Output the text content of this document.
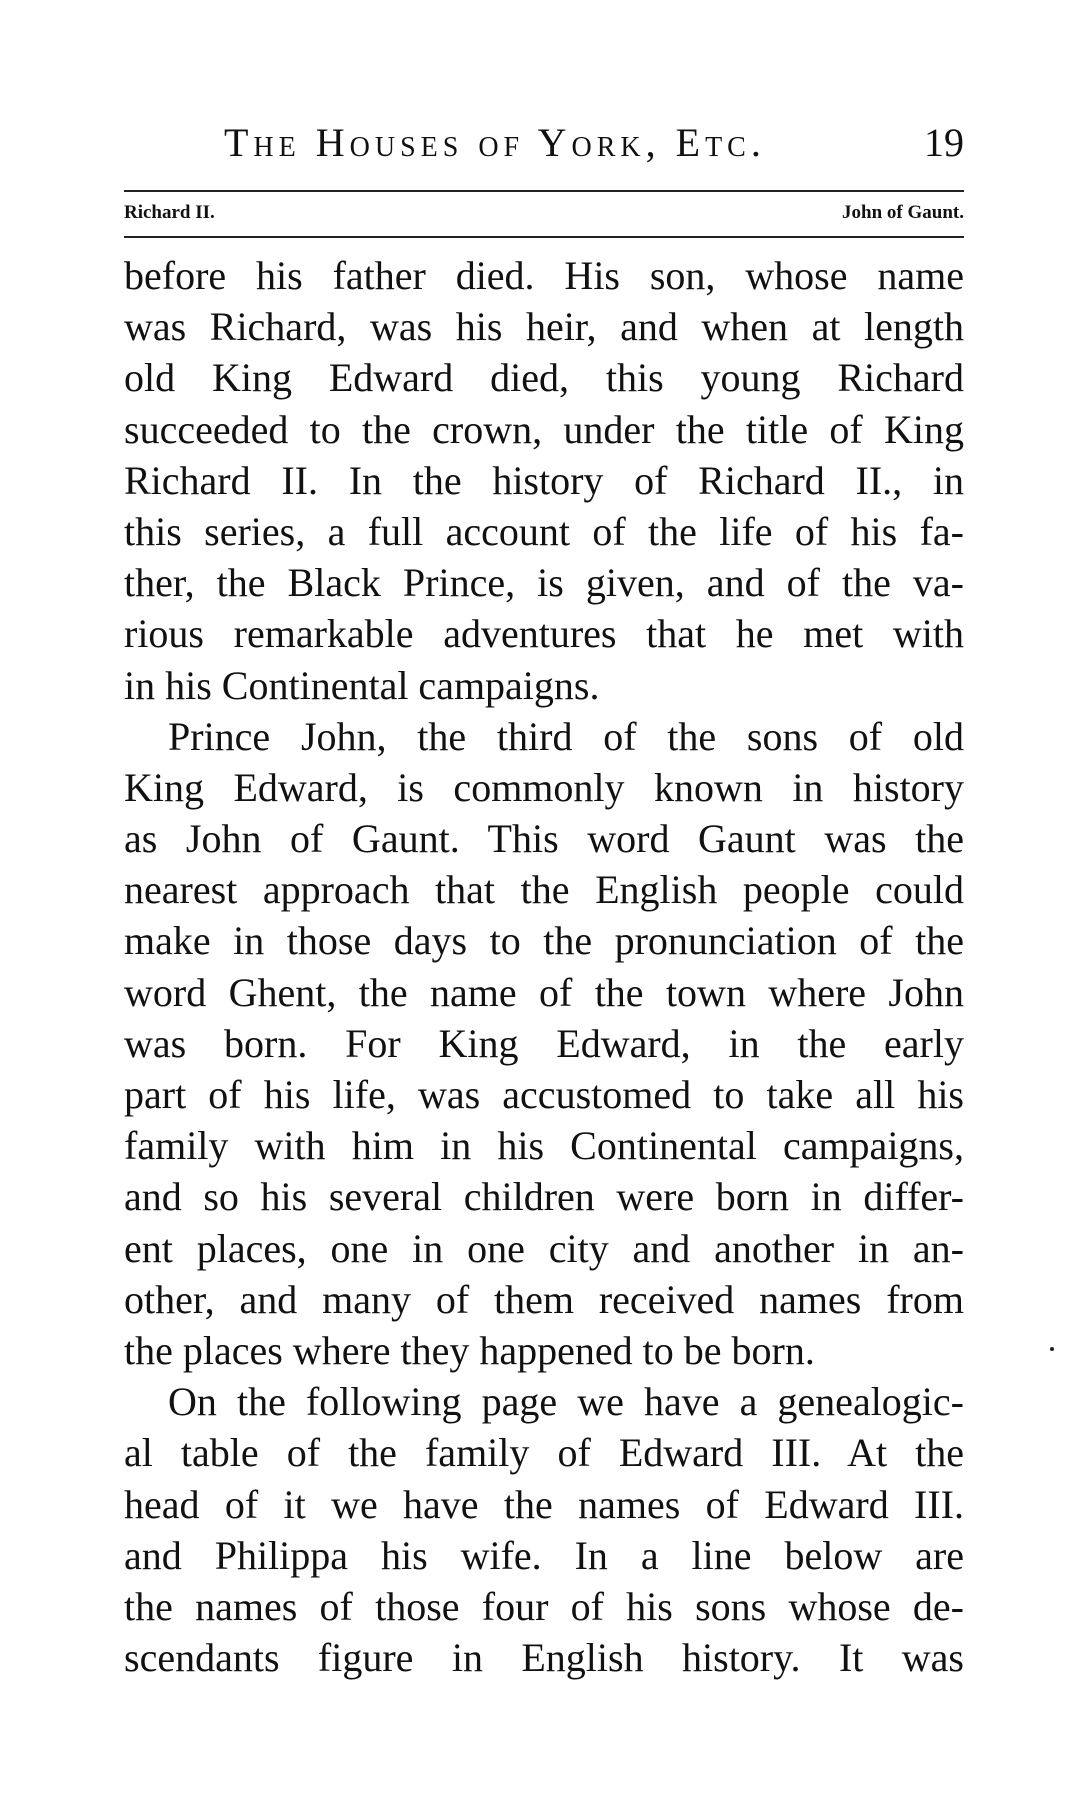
The Houses of York, Etc.	19
Richard II.	John of Gaunt.
before his father died. His son, whose name
was Richard, was his heir, and when at length
old King Edward died, this young Richard
succeeded to the crown, under the title of King
Richard II. In the history of Richard II., in
this series, a full account of the life of his fa-
ther, the Black Prince, is given, and of the va-
rious remarkable adventures that he met with
in his Continental campaigns.
Prince John, the third of the sons of old
King Edward, is commonly known in history
as John of Gaunt. This word Gaunt was the
nearest approach that the English people could
make in those days to the pronunciation of the
word Ghent, the name of the town where John
was born. For King Edward, in the early
part of his life, was accustomed to take all his
family with him in his Continental campaigns,
and so his several children were born in differ-
ent places, one in one city and another in an-
other, and many of them received names from
the places where they happened to be born.
On the following page we have a genealogic-
al table of the family of Edward III. At the
head of it we have the names of Edward III.
and Philippa his wife. In a line below are
the names of those four of his sons whose de-
scendants figure in English history. It was
